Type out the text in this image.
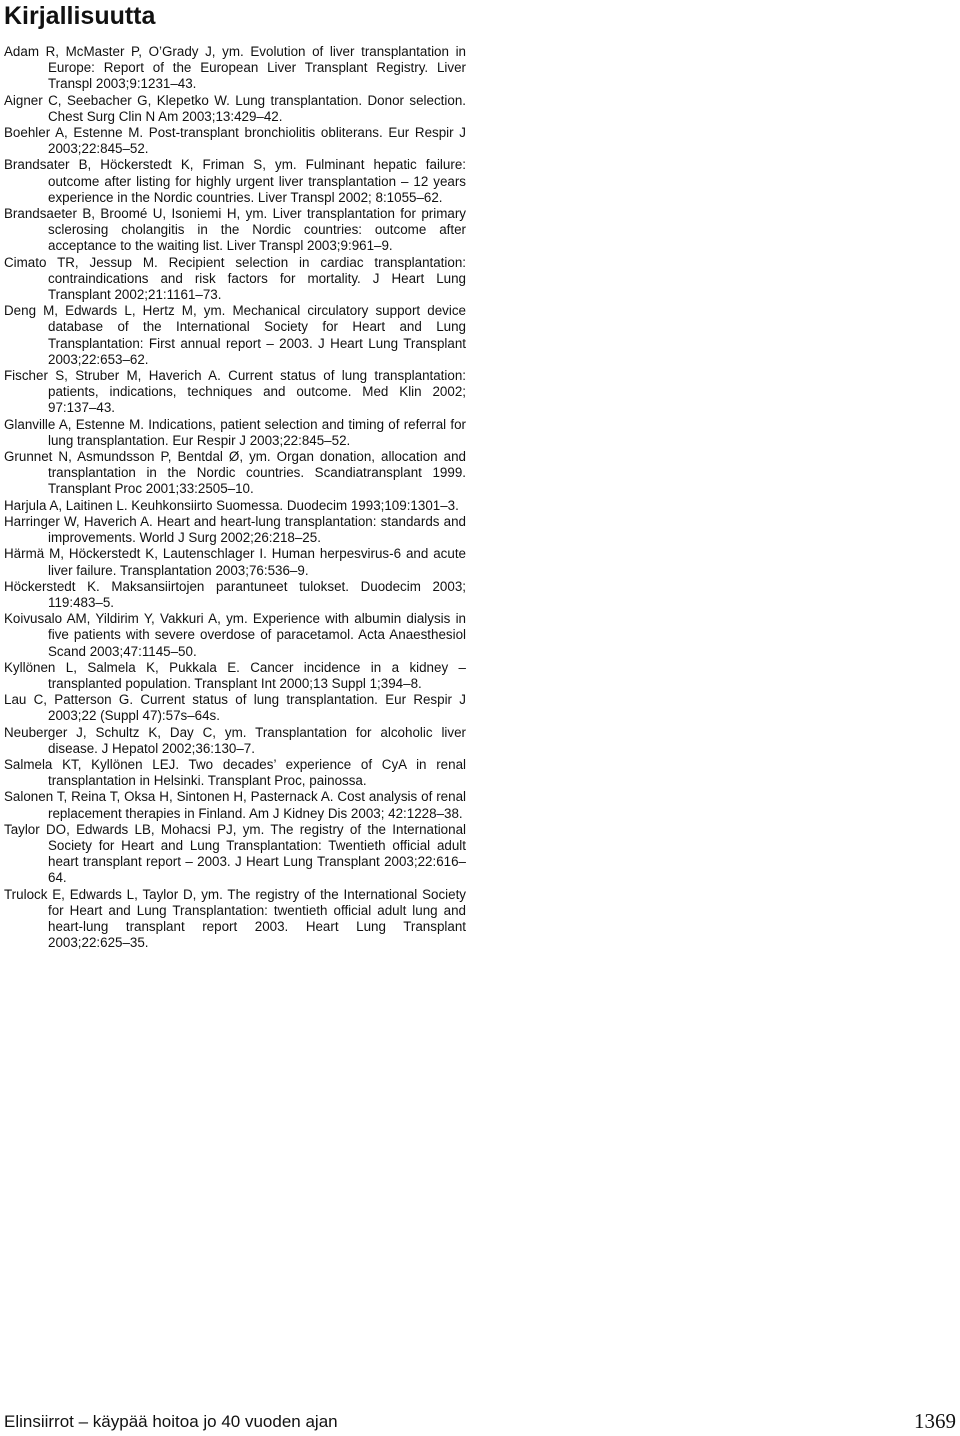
Kirjallisuutta

Adam R, McMaster P, O’Grady J, ym. Evolution of liver transplantation in Europe: Report of the European Liver Transplant Registry. Liver Transpl 2003;9:1231–43.

Aigner C, Seebacher G, Klepetko W. Lung transplantation. Donor selection. Chest Surg Clin N Am 2003;13:429–42.

Boehler A, Estenne M. Post-transplant bronchiolitis obliterans. Eur Respir J 2003;22:845–52.

Brandsater B, Höckerstedt K, Friman S, ym. Fulminant hepatic failure: outcome after listing for highly urgent liver transplantation – 12 years experience in the Nordic countries. Liver Transpl 2002; 8:1055–62.

Brandsaeter B, Broomé U, Isoniemi H, ym. Liver transplantation for primary sclerosing cholangitis in the Nordic countries: outcome after acceptance to the waiting list. Liver Transpl 2003;9:961–9.

Cimato TR, Jessup M. Recipient selection in cardiac transplantation: contraindications and risk factors for mortality. J Heart Lung Transplant 2002;21:1161–73.

Deng M, Edwards L, Hertz M, ym. Mechanical circulatory support device database of the International Society for Heart and Lung Transplantation: First annual report – 2003. J Heart Lung Transplant 2003;22:653–62.

Fischer S, Struber M, Haverich A. Current status of lung transplantation: patients, indications, techniques and outcome. Med Klin 2002; 97:137–43.

Glanville A, Estenne M. Indications, patient selection and timing of referral for lung transplantation. Eur Respir J 2003;22:845–52.

Grunnet N, Asmundsson P, Bentdal Ø, ym. Organ donation, allocation and transplantation in the Nordic countries. Scandiatransplant 1999. Transplant Proc 2001;33:2505–10.

Harjula A, Laitinen L. Keuhkonsiirto Suomessa. Duodecim 1993;109:1301–3.

Harringer W, Haverich A. Heart and heart-lung transplantation: standards and improvements. World J Surg 2002;26:218–25.

Härmä M, Höckerstedt K, Lautenschlager I. Human herpesvirus-6 and acute liver failure. Transplantation 2003;76:536–9.

Höckerstedt K. Maksansiirtojen parantuneet tulokset. Duodecim 2003; 119:483–5.

Koivusalo AM, Yildirim Y, Vakkuri A, ym. Experience with albumin dialysis in five patients with severe overdose of paracetamol. Acta Anaesthesiol Scand 2003;47:1145–50.

Kyllönen L, Salmela K, Pukkala E. Cancer incidence in a kidney – transplanted population. Transplant Int 2000;13 Suppl 1;394–8.

Lau C, Patterson G. Current status of lung transplantation. Eur Respir J 2003;22 (Suppl 47):57s–64s.

Neuberger J, Schultz K, Day C, ym. Transplantation for alcoholic liver disease. J Hepatol 2002;36:130–7.

Salmela KT, Kyllönen LEJ. Two decades’ experience of CyA in renal transplantation in Helsinki. Transplant Proc, painossa.

Salonen T, Reina T, Oksa H, Sintonen H, Pasternack A. Cost analysis of renal replacement therapies in Finland. Am J Kidney Dis 2003; 42:1228–38.

Taylor DO, Edwards LB, Mohacsi PJ, ym. The registry of the International Society for Heart and Lung Transplantation: Twentieth official adult heart transplant report – 2003. J Heart Lung Transplant 2003;22:616–64.

Trulock E, Edwards L, Taylor D, ym. The registry of the International Society for Heart and Lung Transplantation: twentieth official adult lung and heart-lung transplant report 2003. Heart Lung Transplant 2003;22:625–35.

Elinsiirrot – käypää hoitoa jo 40 vuoden ajan	1369
